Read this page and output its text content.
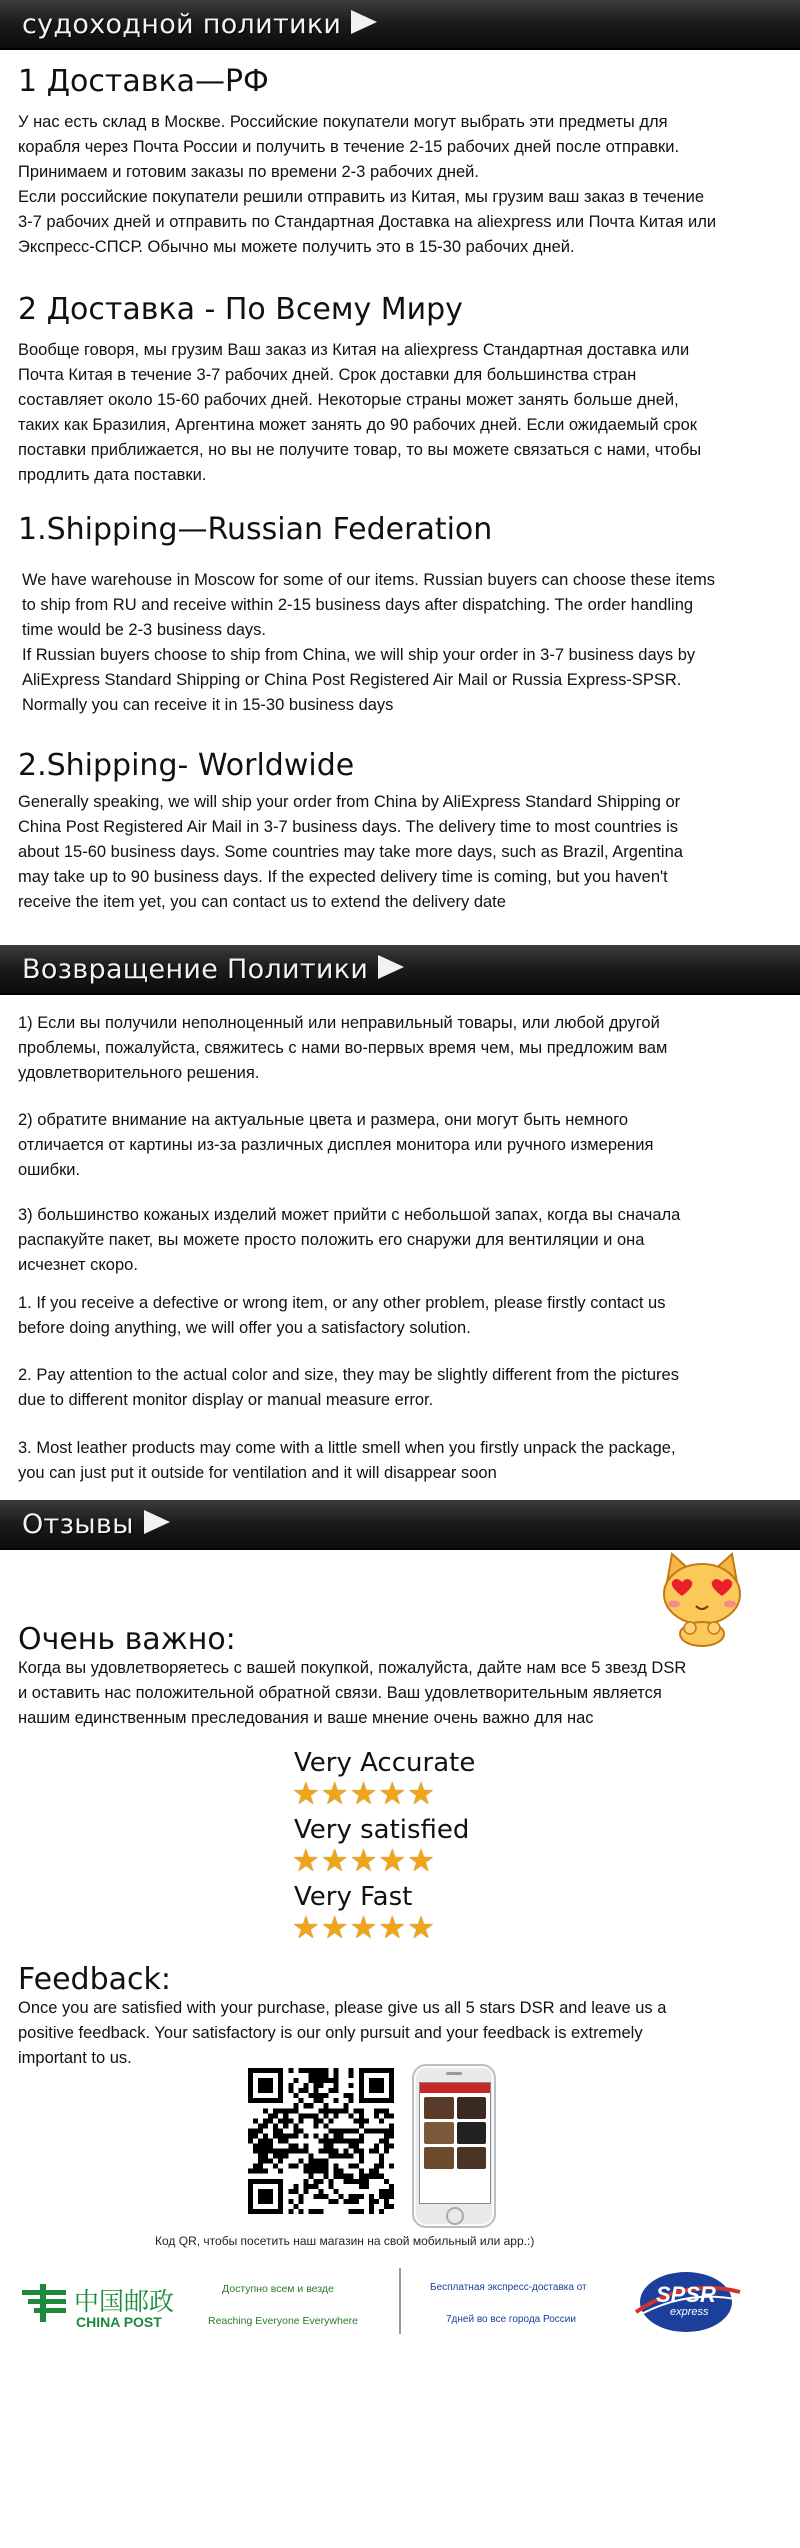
судоходной политики
1 Доставка—РФ
У нас есть склад в Москве. Российские покупатели могут выбрать эти предметы для
корабля через Почта России и получить в течение 2-15 рабочих дней после отправки.
Принимаем и готовим заказы по времени 2-3 рабочих дней.
Если российские покупатели решили отправить из Китая, мы грузим ваш заказ в течение
3-7 рабочих дней и отправить по Стандартная Доставка на aliexpress или Почта Китая или
Экспресс-СПСР. Обычно мы можете получить это в 15-30 рабочих дней.
2 Доставка - По Всему Миру
Вообще говоря, мы грузим Ваш заказ из Китая на aliexpress Стандартная доставка или
Почта Китая в течение 3-7 рабочих дней. Срок доставки для большинства стран
составляет около 15-60 рабочих дней. Некоторые страны может занять больше дней,
таких как Бразилия, Аргентина может занять до 90 рабочих дней. Если ожидаемый срок
поставки приближается, но вы не получите товар, то вы можете связаться с нами, чтобы
продлить дата поставки.
1.Shipping—Russian Federation
We have warehouse in Moscow for some of our items. Russian buyers can choose these items
to ship from RU and receive within 2-15 business days after dispatching. The order handling
time would be 2-3 business days.
If Russian buyers choose to ship from China, we will ship your order in 3-7 business days by
AliExpress Standard Shipping or China Post Registered Air Mail or Russia Express-SPSR.
Normally you can receive it in 15-30 business days
2.Shipping- Worldwide
Generally speaking, we will ship your order from China by AliExpress Standard Shipping or
China Post Registered Air Mail in 3-7 business days. The delivery time to most countries is
about 15-60 business days. Some countries may take more days, such as Brazil, Argentina
may take up to 90 business days. If the expected delivery time is coming, but you haven't
receive the item yet, you can contact us to extend the delivery date
Возвращение Политики
1) Если вы получили неполноценный или неправильный товары, или любой другой
проблемы, пожалуйста, свяжитесь с нами во-первых время чем, мы предложим вам
удовлетворительного решения.
2) обратите внимание на актуальные цвета и размера, они могут быть немного
отличается от картины из-за различных дисплея монитора или ручного измерения
ошибки.
3) большинство кожаных изделий может прийти с небольшой запах, когда вы сначала
распакуйте пакет, вы можете просто положить его снаружи для вентиляции и она
исчезнет скоро.
1. If you receive a defective or wrong item, or any other problem, please firstly contact us
before doing anything, we will offer you a satisfactory solution.
2. Pay attention to the actual color and size, they may be slightly different from the pictures
due to different monitor display or manual measure error.
3. Most leather products may come with a little smell when you firstly unpack the package,
you can just put it outside for ventilation and it will disappear soon
Отзывы
Очень важно:
Когда вы удовлетворяетесь с вашей покупкой, пожалуйста, дайте нам все 5 звезд DSR
и оставить нас положительной обратной связи. Ваш удовлетворительным является
нашим единственным преследования и ваше мнение очень важно для нас
Very Accurate
★★★★★
Very satisfied
★★★★★
Very Fast
★★★★★
Feedback:
Once you are satisfied with your purchase, please give us all 5 stars DSR and leave us a
positive feedback. Your satisfactory is our only pursuit and your feedback is extremely
important to us.
Код QR, чтобы посетить наш магазин на свой мобильный или app.:)
中国邮政
CHINA POST
Доступно всем и везде
Reaching Everyone Everywhere
Бесплатная экспресс-доставка от
7дней во все города России
SPSR
express
